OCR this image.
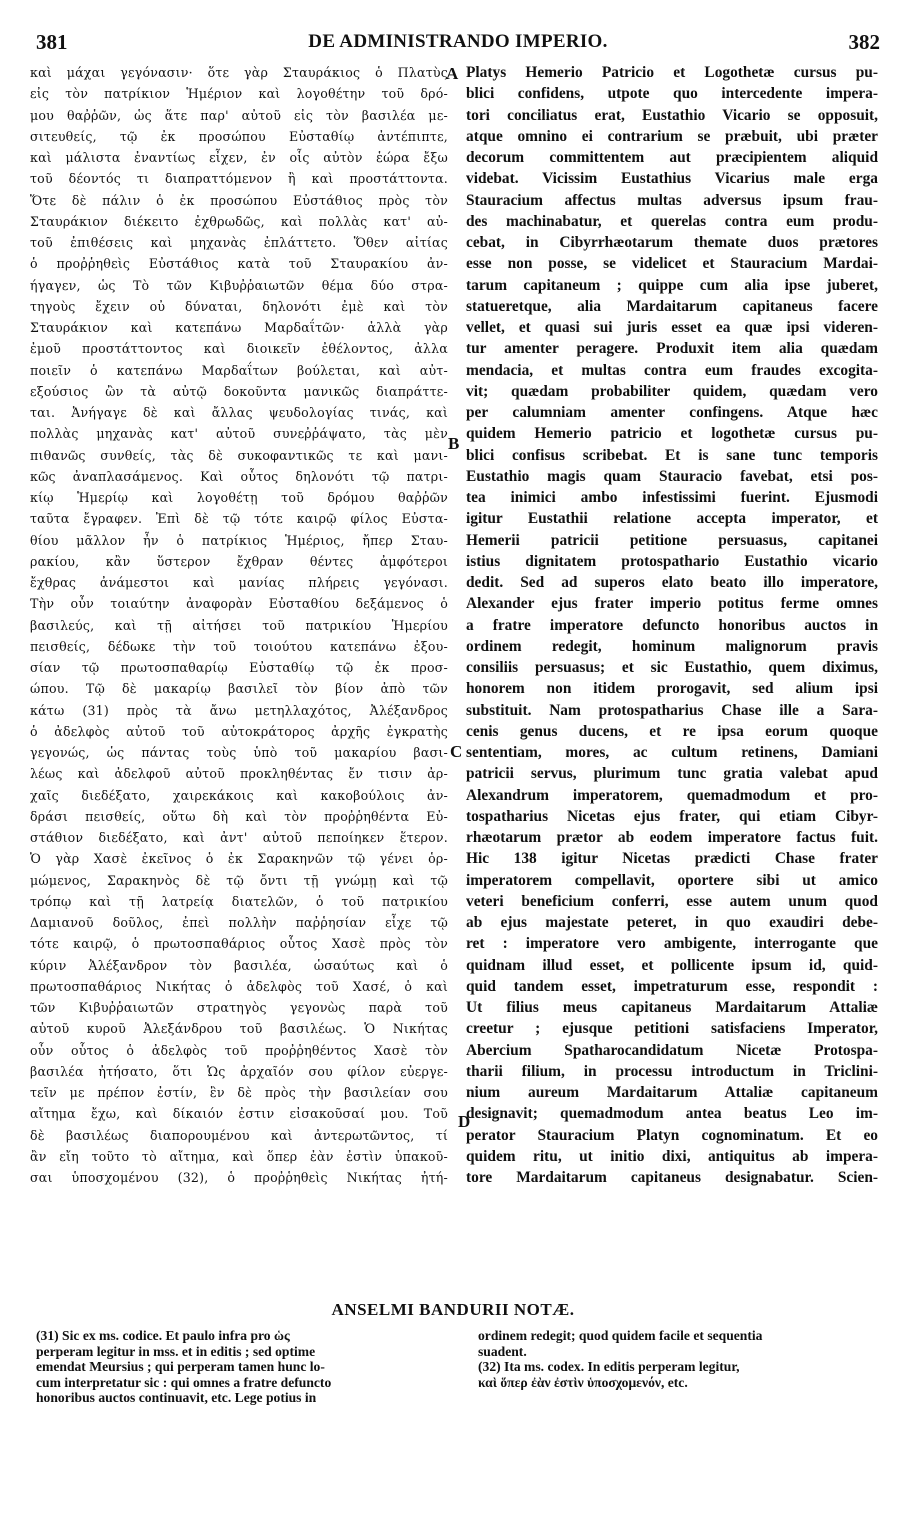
381	DE ADMINISTRANDO IMPERIO.	382
καὶ μάχαι γεγόνασιν· ὅτε γὰρ Σταυράκιος ὁ Πλατὺς
εἰς τὸν πατρίκιον Ἡμέριον καὶ λογοθέτην τοῦ δρό-
μου θαῤῥῶν, ὡς ἅτε παρ' αὐτοῦ εἰς τὸν βασιλέα με-
σιτευθείς, τῷ ἐκ προσώπου Εὐσταθίῳ ἀντέπιπτε,
καὶ μάλιστα ἐναντίως εἶχεν, ἐν οἷς αὐτὸν ἑώρα ἔξω
τοῦ δέοντός τι διαπραττόμενον ἢ καὶ προστάττοντα.
Ὅτε δὲ πάλιν ὁ ἐκ προσώπου Εὐστάθιος πρὸς τὸν
Σταυράκιον διέκειτο ἐχθρωδῶς, καὶ πολλὰς κατ' αὐ-
τοῦ ἐπιθέσεις καὶ μηχανὰς ἐπλάττετο. Ὅθεν αἰτίας
ὁ προῤῥηθεὶς Εὐστάθιος κατὰ τοῦ Σταυρακίου ἀν-
ήγαγεν, ὡς Τὸ τῶν Κιβυῤῥαιωτῶν θέμα δύο στρα-
τηγοὺς ἔχειν οὐ δύναται, δηλονότι ἐμὲ καὶ τὸν
Σταυράκιον καὶ κατεπάνω Μαρδαΐτῶν· ἀλλὰ γὰρ
ἐμοῦ προστάττοντος καὶ διοικεῖν ἐθέλοντος, ἀλλα
ποιεῖν ὁ κατεπάνω Μαρδαΐτων βούλεται, καὶ αὐτ-
εξούσιος ὢν τὰ αὐτῷ δοκοῦντα μανικῶς διαπράττε-
ται. Ἀνήγαγε δὲ καὶ ἄλλας ψευδολογίας τινάς, καὶ
πολλὰς μηχανὰς κατ' αὐτοῦ συνεῤῥάψατο, τὰς μὲν
πιθανῶς συνθείς, τὰς δὲ συκοφαντικῶς τε καὶ μανι-
κῶς ἀναπλασάμενος. Καὶ οὗτος δηλονότι τῷ πατρι-
κίῳ Ἡμερίῳ καὶ λογοθέτῃ τοῦ δρόμου θαῤῥῶν
ταῦτα ἔγραφεν. Ἐπὶ δὲ τῷ τότε καιρῷ φίλος Εὐστα-
θίου μᾶλλον ἦν ὁ πατρίκιος Ἡμέριος, ἤπερ Σταυ-
ρακίου, κἂν ὕστερον ἔχθραν θέντες ἀμφότεροι
ἔχθρας ἀνάμεστοι καὶ μανίας πλήρεις γεγόνασι.
Τὴν οὖν τοιαύτην ἀναφορὰν Εὐσταθίου δεξάμενος ὁ
βασιλεύς, καὶ τῇ αἰτήσει τοῦ πατρικίου Ἡμερίου
πεισθείς, δέδωκε τὴν τοῦ τοιούτου κατεπάνω ἐξου-
σίαν τῷ πρωτοσπαθαρίῳ Εὐσταθίῳ τῷ ἐκ προσ-
ώπου. Τῷ δὲ μακαρίῳ βασιλεῖ τὸν βίον ἀπὸ τῶν
κάτω (31) πρὸς τὰ ἄνω μετηλλαχότος, Ἀλέξανδρος
ὁ ἀδελφὸς αὐτοῦ τοῦ αὐτοκράτορος ἀρχῆς ἐγκρατὴς
γεγονώς, ὡς πάντας τοὺς ὑπὸ τοῦ μακαρίου βασι-
λέως καὶ ἀδελφοῦ αὐτοῦ προκληθέντας ἔν τισιν ἀρ-
χαῖς διεδέξατο, χαιρεκάκοις καὶ κακοβούλοις ἀν-
δράσι πεισθείς, οὕτω δὴ καὶ τὸν προῤῥηθέντα Εὐ-
στάθιον διεδέξατο, καὶ ἀντ' αὐτοῦ πεποίηκεν ἕτερον.
Ὁ γὰρ Χασὲ ἐκεῖνος ὁ ἐκ Σαρακηνῶν τῷ γένει ὁρ-
μώμενος, Σαρακηνὸς δὲ τῷ ὄντι τῇ γνώμῃ καὶ τῷ
τρόπῳ καὶ τῇ λατρείᾳ διατελῶν, ὁ τοῦ πατρικίου
Δαμιανοῦ δοῦλος, ἐπεὶ πολλὴν παῤῥησίαν εἶχε τῷ
τότε καιρῷ, ὁ πρωτοσπαθάριος οὗτος Χασὲ πρὸς τὸν
κύριν Ἀλέξανδρον τὸν βασιλέα, ὡσαύτως καὶ ὁ
πρωτοσπαθάριος Νικήτας ὁ ἀδελφὸς τοῦ Χασέ, ὁ καὶ
τῶν Κιβυῤῥαιωτῶν στρατηγὸς γεγονὼς παρὰ τοῦ
αὐτοῦ κυροῦ Ἀλεξάνδρου τοῦ βασιλέως. Ὁ Νικήτας
οὖν οὗτος ὁ ἀδελφὸς τοῦ προῤῥηθέντος Χασὲ τὸν
βασιλέα ἠτήσατο, ὅτι Ὡς ἀρχαῖόν σου φίλον εὐεργε-
τεῖν με πρέπον ἐστίν, ἓν δὲ πρὸς τὴν βασιλείαν σου
αἴτημα ἔχω, καὶ δίκαιόν ἐστιν εἰσακοῦσαί μου. Τοῦ
δὲ βασιλέως διαπορουμένου καὶ ἀντερωτῶντος, τί
ἂν εἴη τοῦτο τὸ αἴτημα, καὶ ὅπερ ἐὰν ἐστὶν ὑπακοῦ-
σαι ὑποσχομένου (32), ὁ προῤῥηθεὶς Νικήτας ἠτή-
Platys Hemerio Patricio et Logothetæ cursus pu-
blici confidens, utpote quo intercedente impera-
tori conciliatus erat, Eustathio Vicario se opposuit,
atque omnino ei contrarium se præbuit, ubi præter
decorum committentem aut præcipientem aliquid
videbat. Vicissim Eustathius Vicarius male erga
Stauracium affectus multas adversus ipsum frau-
des machinabatur, et querelas contra eum produ-
cebat, in Cibyrrhæotarum themate duos prætores
esse non posse, se videlicet et Stauracium Mardai-
tarum capitaneum ; quippe cum alia ipse juberet,
statueretque, alia Mardaitarum capitaneus facere
vellet, et quasi sui juris esset ea quæ ipsi videren-
tur amenter peragere. Produxit item alia quædam
mendacia, et multas contra eum fraudes excogita-
vit; quædam probabiliter quidem, quædam vero
per calumniam amenter confingens. Atque hæc
quidem Hemerio patricio et logothetæ cursus pu-
blici confisus scribebat. Et is sane tunc temporis
Eustathio magis quam Stauracio favebat, etsi pos-
tea inimici ambo infestissimi fuerint. Ejusmodi
igitur Eustathii relatione accepta imperator, et
Hemerii patricii petitione persuasus, capitanei
istius dignitatem protospathario Eustathio vicario
dedit. Sed ad superos elato beato illo imperatore,
Alexander ejus frater imperio potitus ferme omnes
a fratre imperatore defuncto honoribus auctos in
ordinem redegit, hominum malignorum pravis
consiliis persuasus; et sic Eustathio, quem diximus,
honorem non itidem prorogavit, sed alium ipsi
substituit. Nam protospatharius Chase ille a Sara-
cenis genus ducens, et re ipsa eorum quoque
sententiam, mores, ac cultum retinens, Damiani
patricii servus, plurimum tunc gratia valebat apud
Alexandrum imperatorem, quemadmodum et pro-
tospatharius Nicetas ejus frater, qui etiam Cibyr-
rhæotarum prætor ab eodem imperatore factus fuit.
Hic 138 igitur Nicetas prædicti Chase frater
imperatorem compellavit, oportere sibi ut amico
veteri beneficium conferri, esse autem unum quod
ab ejus majestate peteret, in quo exaudiri debe-
ret : imperatore vero ambigente, interrogante que
quidnam illud esset, et pollicente ipsum id, quid-
quid tandem esset, impetraturum esse, respondit :
Ut filius meus capitaneus Mardaitarum Attaliæ
creetur ; ejusque petitioni satisfaciens Imperator,
Abercium Spatharocandidatum Nicetæ Protospa-
tharii filium, in processu introductum in Triclini-
nium aureum Mardaitarum Attaliæ capitaneum
designavit; quemadmodum antea beatus Leo im-
perator Stauracium Platyn cognominatum. Et eo
quidem ritu, ut initio dixi, antiquitus ab impera-
tore Mardaitarum capitaneus designabatur. Scien-
A
B
C
D
ANSELMI BANDURII NOTÆ.
(31) Sic ex ms. codice. Et paulo infra pro ὡς
perperam legitur in mss. et in editis ; sed optime
emendat Meursius ; qui perperam tamen hunc lo-
cum interpretatur sic : qui omnes a fratre defuncto
honoribus auctos continuavit, etc. Lege potius in
ordinem redegit; quod quidem facile et sequentia
suadent.
(32) Ita ms. codex. In editis perperam legitur,
καὶ ὅπερ ἐὰν ἐστὶν ὑποσχομενόν, etc.
